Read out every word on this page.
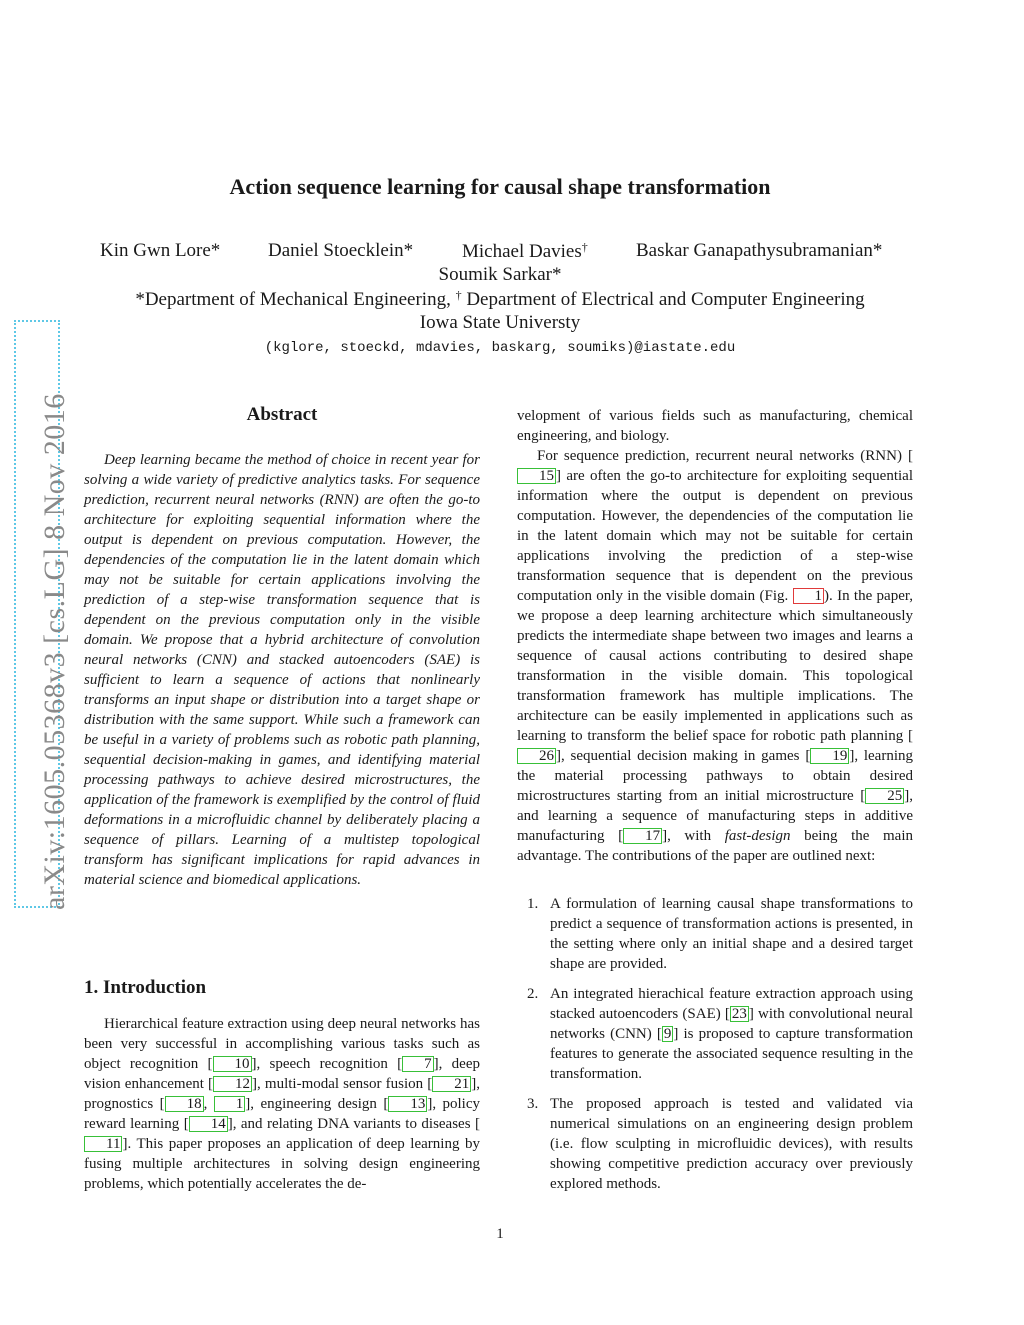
arXiv:1605.05368v3 [cs.LG] 8 Nov 2016
Action sequence learning for causal shape transformation
Kin Gwn Lore*	Daniel Stoecklein*	Michael Davies†	Baskar Ganapathysubramanian*
Soumik Sarkar*
*Department of Mechanical Engineering, † Department of Electrical and Computer Engineering
Iowa State Universty
(kglore, stoeckd, mdavies, baskarg, soumiks)@iastate.edu
Abstract
Deep learning became the method of choice in recent year for solving a wide variety of predictive analytics tasks. For sequence prediction, recurrent neural networks (RNN) are often the go-to architecture for exploiting sequential information where the output is dependent on previous computation. However, the dependencies of the computation lie in the latent domain which may not be suitable for certain applications involving the prediction of a step-wise transformation sequence that is dependent on the previous computation only in the visible domain. We propose that a hybrid architecture of convolution neural networks (CNN) and stacked autoencoders (SAE) is sufficient to learn a sequence of actions that nonlinearly transforms an input shape or distribution into a target shape or distribution with the same support. While such a framework can be useful in a variety of problems such as robotic path planning, sequential decision-making in games, and identifying material processing pathways to achieve desired microstructures, the application of the framework is exemplified by the control of fluid deformations in a microfluidic channel by deliberately placing a sequence of pillars. Learning of a multistep topological transform has significant implications for rapid advances in material science and biomedical applications.
1. Introduction
Hierarchical feature extraction using deep neural networks has been very successful in accomplishing various tasks such as object recognition [ 10 ], speech recognition [ 7 ], deep vision enhancement [ 12 ], multi-modal sensor fusion [ 21 ], prognostics [ 18 , 1 ], engineering design [ 13 ], policy reward learning [ 14 ], and relating DNA variants to diseases [11 ]. This paper proposes an application of deep learning by fusing multiple architectures in solving design engineering problems, which potentially accelerates the de-

velopment of various fields such as manufacturing, chemical engineering, and biology.

For sequence prediction, recurrent neural networks (RNN) [15 ] are often the go-to architecture for exploiting sequential information where the output is dependent on previous computation. However, the dependencies of the computation lie in the latent domain which may not be suitable for certain applications involving the prediction of a step-wise transformation sequence that is dependent on the previous computation only in the visible domain (Fig. 1 ). In the paper, we propose a deep learning architecture which simultaneously predicts the intermediate shape between two images and learns a sequence of causal actions contributing to desired shape transformation in the visible domain. This topological transformation framework has multiple implications. The architecture can be easily implemented in applications such as learning to transform the belief space for robotic path planning [26 ], sequential decision making in games [ 19 ], learning the material processing pathways to obtain desired microstructures starting from an initial microstructure [ 25 ], and learning a sequence of manufacturing steps in additive manufacturing [ 17 ], with fast-design being the main advantage. The contributions of the paper are outlined next:

1. A formulation of learning causal shape transformations to predict a sequence of transformation actions is presented, in the setting where only an initial shape and a desired target shape are provided.
2. An integrated hierachical feature extraction approach using stacked autoencoders (SAE) [ 23 ] with convolutional neural networks (CNN) [ 9 ] is proposed to capture transformation features to generate the associated sequence resulting in the transformation.
3. The proposed approach is tested and validated via numerical simulations on an engineering design problem (i.e. flow sculpting in microfluidic devices), with results showing competitive prediction accuracy over previously explored methods.
1
